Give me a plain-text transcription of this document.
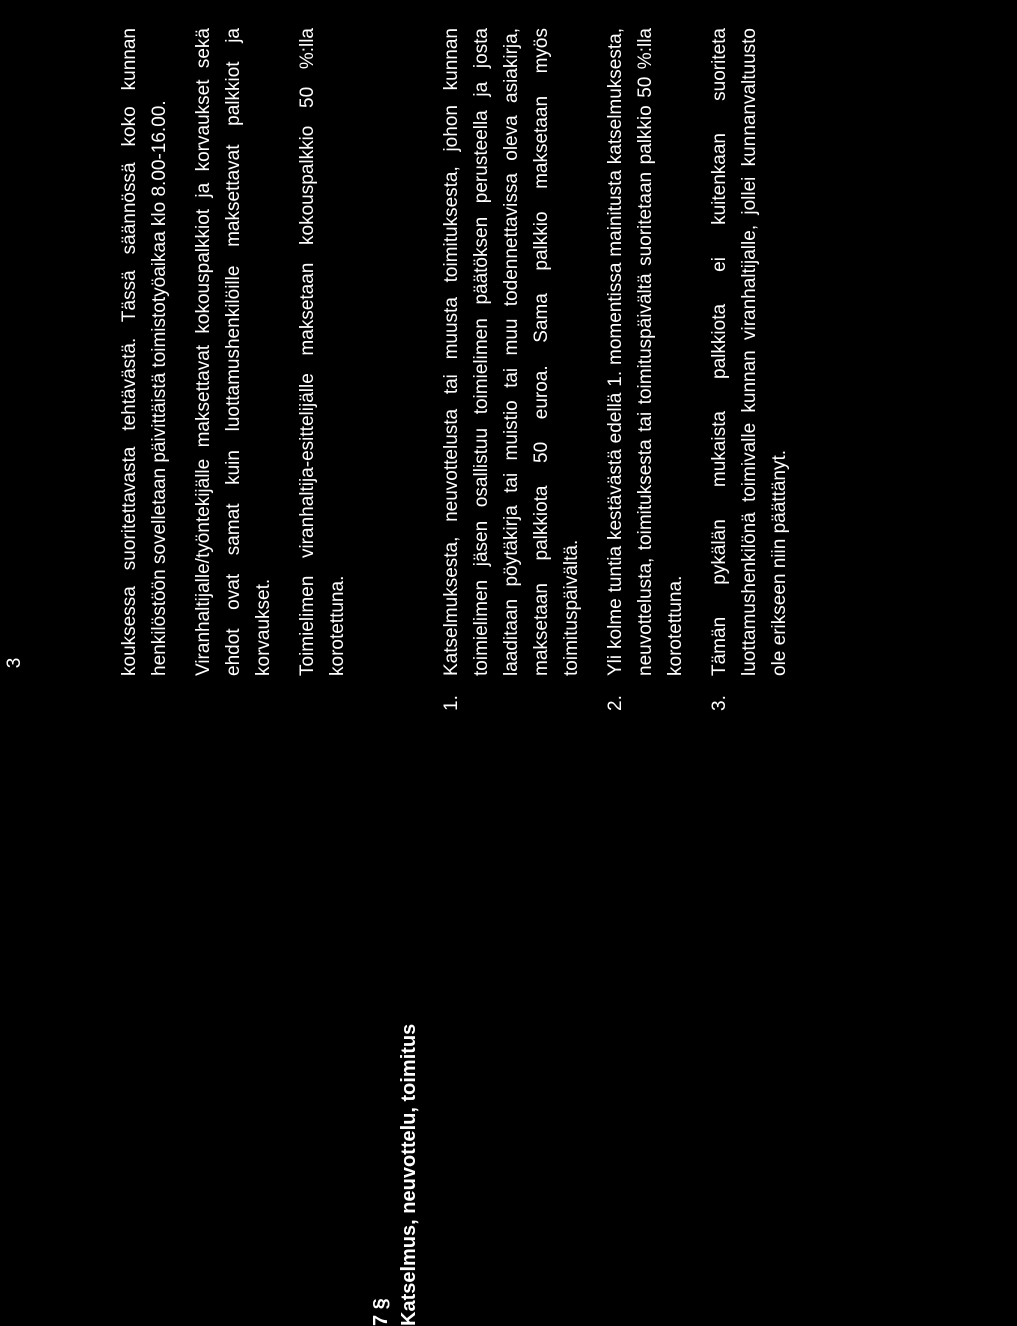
3	kouksessa suoritettavasta tehtävästä. Tässä säännössä koko kunnan henkilöstöön sovelletaan päivittäistä toimistotyöaikaa klo 8.00-16.00. Viranhaltijalle/työntekijälle maksettavat kokouspalkkiot ja korvaukset sekä ehdot ovat samat kuin luottamushenkilöille maksettavat palkkiot ja korvaukset. Toimielimen viranhaltija-esittelijälle maksetaan kokouspalkkio 50 %:lla korotettuna.

7 § Katselmus, neuvottelu, toimitus
1.
Katselmuksesta, neuvottelusta tai muusta toimituksesta, johon kunnan toimielimen jäsen osallistuu toimielimen päätöksen perusteella ja josta laaditaan pöytäkirja tai muistio tai muu todennettavissa oleva asiakirja, maksetaan palkkiota 50 euroa. Sama palkkio maksetaan myös toimituspäivältä.
2.
Yli kolme tuntia kestävästä edellä 1. momentissa mainitusta katselmuksesta, neuvottelusta, toimituksesta tai toimituspäivältä suoritetaan palkkio 50 %:lla korotettuna.
3.
Tämän pykälän mukaista palkkiota ei kuitenkaan suoriteta luottamushenkilönä toimivalle kunnan viranhaltijalle, jollei kunnanvaltuusto ole erikseen niin päättänyt.
